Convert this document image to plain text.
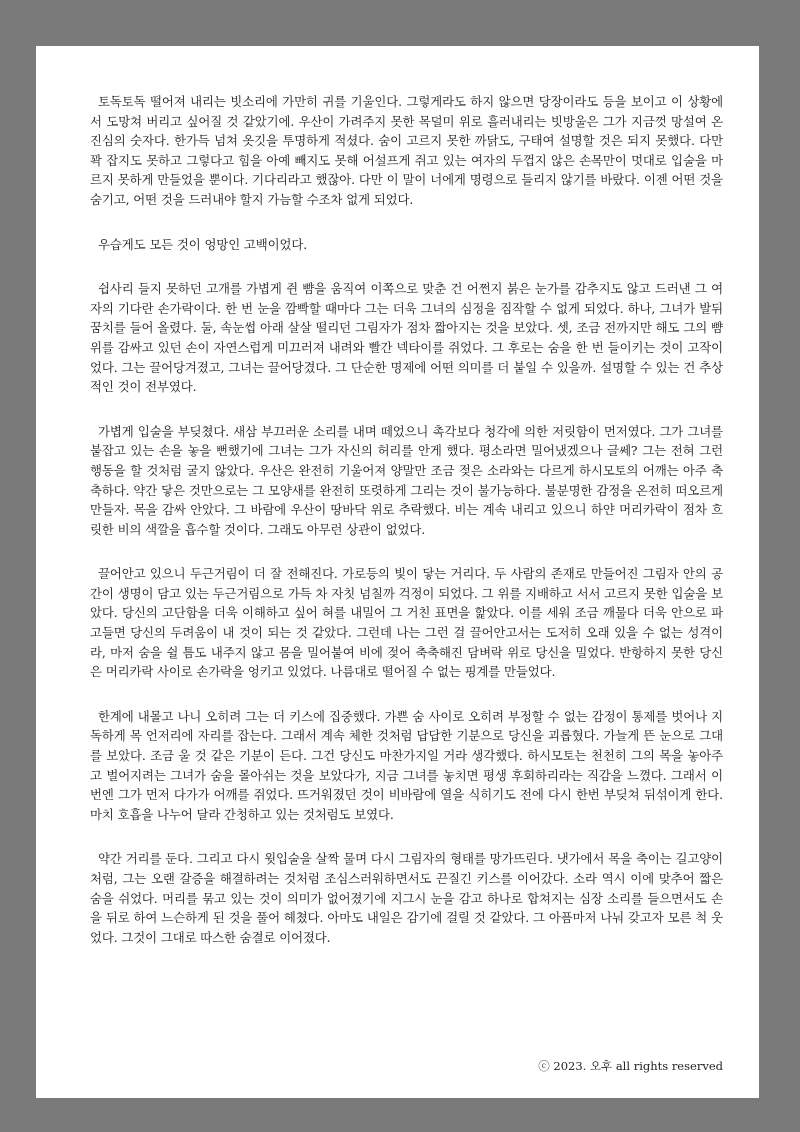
토독토독 떨어져 내리는 빗소리에 가만히 귀를 기울인다. 그렇게라도 하지 않으면 당장이라도 등을 보이고 이 상황에서 도망쳐 버리고 싶어질 것 같았기에. 우산이 가려주지 못한 목덜미 위로 흘러내리는 빗방울은 그가 지금껏 망설여 온 진심의 숫자다. 한가득 넘쳐 옷깃을 투명하게 적셨다. 숨이 고르지 못한 까닭도, 구태여 설명할 것은 되지 못했다. 다만 꽉 잡지도 못하고 그렇다고 힘을 아예 빼지도 못해 어설프게 쥐고 있는 여자의 두껍지 않은 손목만이 멋대로 입술을 마르지 못하게 만들었을 뿐이다. 기다리라고 했잖아. 다만 이 말이 너에게 명령으로 들리지 않기를 바랐다. 이젠 어떤 것을 숨기고, 어떤 것을 드러내야 할지 가늠할 수조차 없게 되었다.

우습게도 모든 것이 엉망인 고백이었다.

쉽사리 들지 못하던 고개를 가볍게 쥔 뺨을 움직여 이쪽으로 맞춘 건 어쩐지 붉은 눈가를 감추지도 않고 드러낸 그 여자의 기다란 손가락이다. 한 번 눈을 깜빡할 때마다 그는 더욱 그녀의 심정을 짐작할 수 없게 되었다. 하나, 그녀가 발뒤꿈치를 들어 올렸다. 둘, 속눈썹 아래 살살 떨리던 그림자가 점차 짧아지는 것을 보았다. 셋, 조금 전까지만 해도 그의 뺨 위를 감싸고 있던 손이 자연스럽게 미끄러져 내려와 빨간 넥타이를 쥐었다. 그 후로는 숨을 한 번 들이키는 것이 고작이었다. 그는 끌어당겨졌고, 그녀는 끌어당겼다. 그 단순한 명제에 어떤 의미를 더 붙일 수 있을까. 설명할 수 있는 건 추상적인 것이 전부였다.

가볍게 입술을 부딪쳤다. 새삼 부끄러운 소리를 내며 떼었으니 촉각보다 청각에 의한 저릿함이 먼저였다. 그가 그녀를 붙잡고 있는 손을 놓을 뻔했기에 그녀는 그가 자신의 허리를 안게 했다. 평소라면 밀어냈겠으나 글쎄? 그는 전혀 그런 행동을 할 것처럼 굴지 않았다. 우산은 완전히 기울어져 양말만 조금 젖은 소라와는 다르게 하시모토의 어깨는 아주 축축하다. 약간 닿은 것만으로는 그 모양새를 완전히 또렷하게 그리는 것이 불가능하다. 불분명한 감정을 온전히 떠오르게 만들자. 목을 감싸 안았다. 그 바람에 우산이 땅바닥 위로 추락했다. 비는 계속 내리고 있으니 하얀 머리카락이 점차 흐릿한 비의 색깔을 흡수할 것이다. 그래도 아무런 상관이 없었다.

끌어안고 있으니 두근거림이 더 잘 전해진다. 가로등의 빛이 닿는 거리다. 두 사람의 존재로 만들어진 그림자 안의 공간이 생명이 담고 있는 두근거림으로 가득 차 자칫 넘칠까 걱정이 되었다. 그 위를 지배하고 서서 고르지 못한 입술을 보았다. 당신의 고단함을 더욱 이해하고 싶어 혀를 내밀어 그 거친 표면을 핥았다. 이를 세워 조금 깨물다 더욱 안으로 파고들면 당신의 두려움이 내 것이 되는 것 같았다. 그런데 나는 그런 걸 끌어안고서는 도저히 오래 있을 수 없는 성격이라, 마저 숨을 쉴 틈도 내주지 않고 몸을 밀어붙여 비에 젖어 축축해진 담벼락 위로 당신을 밀었다. 반항하지 못한 당신은 머리카락 사이로 손가락을 엉키고 있었다. 나름대로 떨어질 수 없는 핑계를 만들었다.

한계에 내몰고 나니 오히려 그는 더 키스에 집중했다. 가쁜 숨 사이로 오히려 부정할 수 없는 감정이 통제를 벗어나 지독하게 목 언저리에 자리를 잡는다. 그래서 계속 체한 것처럼 답답한 기분으로 당신을 괴롭혔다. 가늘게 뜬 눈으로 그대를 보았다. 조금 울 것 같은 기분이 든다. 그건 당신도 마찬가지일 거라 생각했다. 하시모토는 천천히 그의 목을 놓아주고 벌어지려는 그녀가 숨을 몰아쉬는 것을 보았다가, 지금 그녀를 놓치면 평생 후회하리라는 직감을 느꼈다. 그래서 이번엔 그가 먼저 다가가 어깨를 쥐었다. 뜨거워졌던 것이 비바람에 열을 식히기도 전에 다시 한번 부딪쳐 뒤섞이게 한다. 마치 호흡을 나누어 달라 간청하고 있는 것처럼도 보였다.

약간 거리를 둔다. 그리고 다시 윗입술을 살짝 물며 다시 그림자의 형태를 망가뜨린다. 냇가에서 목을 축이는 길고양이처럼, 그는 오랜 갈증을 해결하려는 것처럼 조심스러워하면서도 끈질긴 키스를 이어갔다. 소라 역시 이에 맞추어 짧은 숨을 쉬었다. 머리를 묶고 있는 것이 의미가 없어졌기에 지그시 눈을 감고 하나로 합쳐지는 심장 소리를 들으면서도 손을 뒤로 하여 느슨하게 된 것을 풀어 헤쳤다. 아마도 내일은 감기에 걸릴 것 같았다. 그 아픔마저 나눠 갖고자 모른 척 웃었다. 그것이 그대로 따스한 숨결로 이어졌다.

ⓒ 2023. 오후 all rights reserved
